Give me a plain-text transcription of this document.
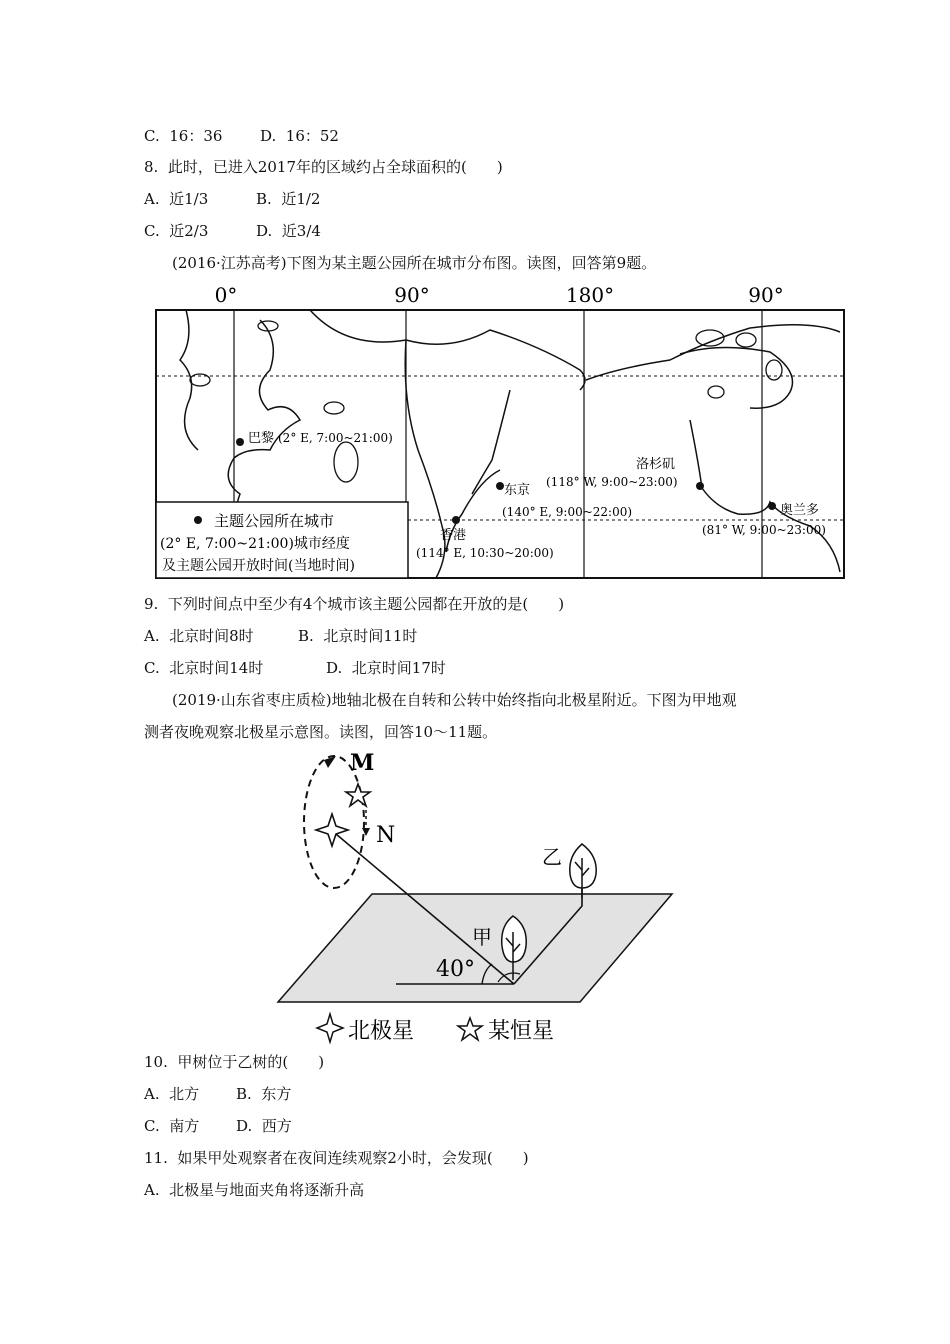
C.  16：36	D.  16：52
8.  此时，已进入2017年的区域约占全球面积的(　　)
A.  近1/3	B.  近1/2
C.  近2/3	D.  近3/4
(2016·江苏高考)下图为某主题公园所在城市分布图。读图，回答第9题。
0°	90°	180°	90°
巴黎 (2° E, 7:00~21:00)
东京
(140° E, 9:00~22:00)
香港
(114° E, 10:30~20:00)
洛杉矶
(118° W, 9:00~23:00)
奥兰多
(81° W, 9:00~23:00)
主题公园所在城市
(2° E, 7:00~21:00)城市经度
及主题公园开放时间(当地时间)
9.  下列时间点中至少有4个城市该主题公园都在开放的是(　　)
A.  北京时间8时	B.  北京时间11时
C.  北京时间14时	D.  北京时间17时
(2019·山东省枣庄质检)地轴北极在自转和公转中始终指向北极星附近。下图为甲地观
测者夜晚观察北极星示意图。读图，回答10～11题。
M
N
乙
甲
40°
北极星	某恒星
10.  甲树位于乙树的(　　)
A.  北方 B.  东方
C.  南方 D.  西方
11.  如果甲处观察者在夜间连续观察2小时，会发现(　　)
A.  北极星与地面夹角将逐渐升高
